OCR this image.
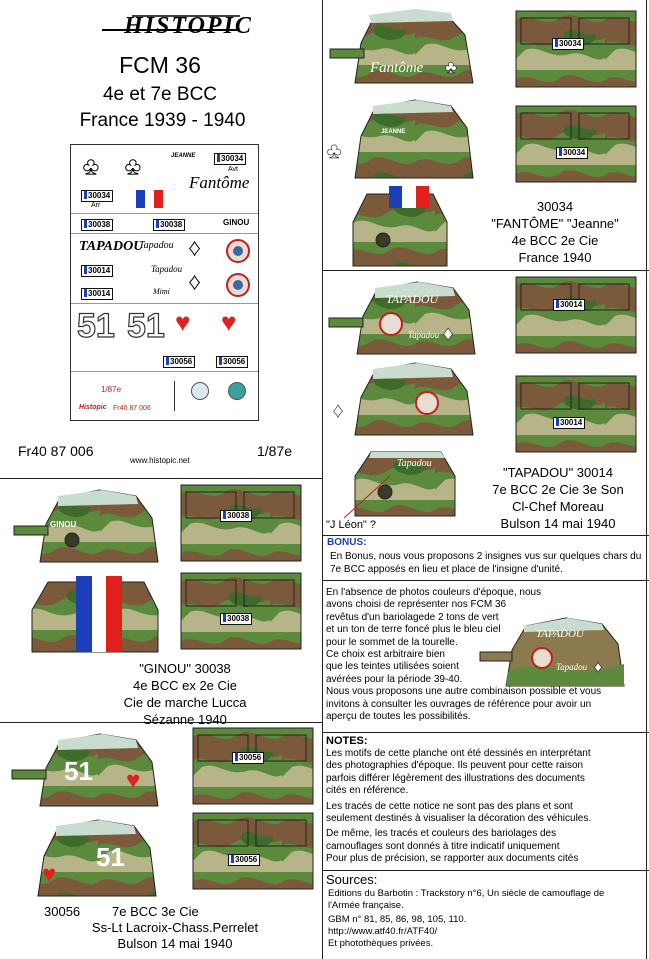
HISTOPIC
FCM 36
4e et 7e BCC
France 1939 - 1940
♣ ♣	JEANNE	30034
Avt
Fantôme
30034
Arr
30038	30038	GINOU
TAPADOU
Tapadou ♦
30014	Tapadou ♦
30014	Mimi
51 51 ♥ ♥
30056	30056
1/87e
Histopic Fr40 87 006
Fr40 87 006
www.histopic.net
1/87e
♣
Fantôme
♣
JEANNE
30034
30034
30034
"FANTÔME" "Jeanne"
4e BCC 2e Cie
France 1940
♦
TAPADOU
Tapadou
♦
Tapadou
"J Léon" ?
30014
30014
"TAPADOU" 30014
7e BCC 2e Cie 3e Son
Cl-Chef Moreau
Bulson 14 mai 1940
GINOU
30038
30038
"GINOU" 30038
4e BCC ex 2e Cie
Cie de marche Lucca
Sézanne 1940
♥
51
♥
51
30056
30056
30056 7e BCC 3e Cie
Ss-Lt Lacroix-Chass.Perrelet
Bulson 14 mai 1940
BONUS:
En Bonus, nous vous proposons 2 insignes vus sur quelques chars du 7e BCC apposés en lieu et place de l'insigne d'unité.
En l'absence de photos couleurs d'époque, nous
avons choisi de représenter nos FCM 36
revêtus d'un bariolagede 2 tons de vert
et un ton de terre foncé plus le bleu ciel
pour le sommet de la tourelle.
Ce choix est arbitraire bien
que les teintes utilisées soient
avérées pour la période 39-40.
Nous vous proposons une autre combinaison possible et vous
invitons à consulter les ouvrages de référence pour avoir un
aperçu de toutes les possibilités.
♦
TAPADOU
Tapadou
NOTES:
Les motifs de cette planche ont été dessinés en interprétant
des photographies d'époque. Ils peuvent pour cette raison
parfois différer légèrement des illustrations des documents
cités en référence.
Les tracés de cette notice ne sont pas des plans et sont
seulement destinés à visualiser la décoration des véhicules.
De même, les tracés et couleurs des bariolages des
camouflages sont donnés à titre indicatif uniquement
Pour plus de précision, se rapporter aux documents cités
Sources:
Editions du Barbotin : Trackstory n°6, Un siècle de camouflage de
l'Armée française.
GBM n° 81, 85, 86, 98, 105, 110.
http://www.atf40.fr/ATF40/
Et photothèques privées.
